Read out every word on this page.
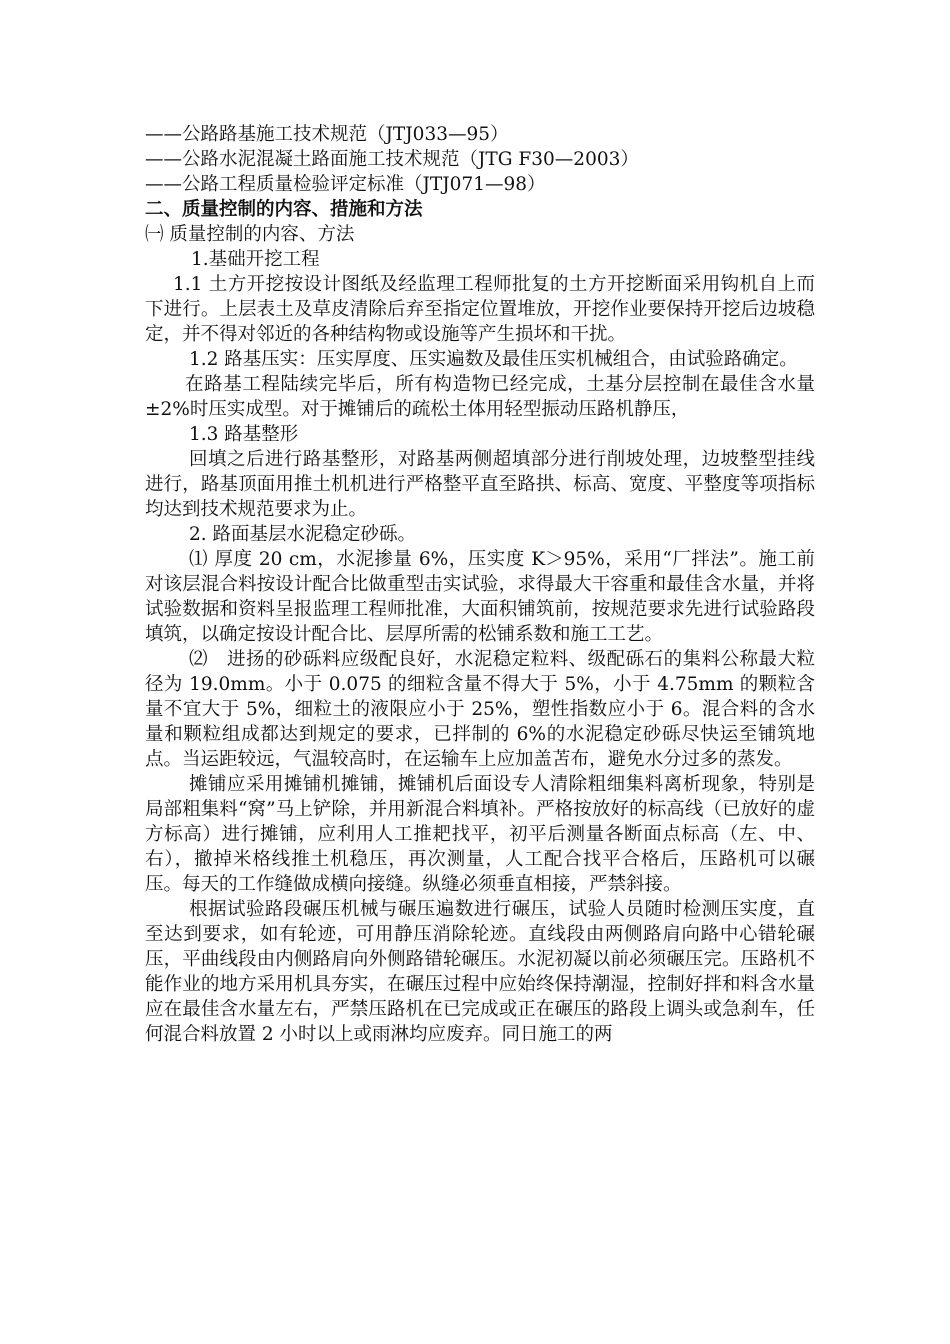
——公路路基施工技术规范（JTJ033—95）

——公路水泥混凝土路面施工技术规范（JTG F30—2003）

——公路工程质量检验评定标准（JTJ071—98）

二、质量控制的内容、措施和方法

㈠ 质量控制的内容、方法

1.基础开挖工程

1.1 土方开挖按设计图纸及经监理工程师批复的土方开挖断面采用钩机自上而下进行。上层表土及草皮清除后弃至指定位置堆放，开挖作业要保持开挖后边坡稳定，并不得对邻近的各种结构物或设施等产生损坏和干扰。

1.2 路基压实：压实厚度、压实遍数及最佳压实机械组合，由试验路确定。

在路基工程陆续完毕后，所有构造物已经完成，土基分层控制在最佳含水量±2%时压实成型。对于摊铺后的疏松土体用轻型振动压路机静压，

1.3 路基整形

回填之后进行路基整形，对路基两侧超填部分进行削坡处理，边坡整型挂线进行，路基顶面用推土机机进行严格整平直至路拱、标高、宽度、平整度等项指标均达到技术规范要求为止。

2. 路面基层水泥稳定砂砾。

⑴ 厚度 20 cm，水泥掺量 6%，压实度 K＞95%，采用“厂拌法”。施工前对该层混合料按设计配合比做重型击实试验，求得最大干容重和最佳含水量，并将试验数据和资料呈报监理工程师批准，大面积铺筑前，按规范要求先进行试验路段填筑，以确定按设计配合比、层厚所需的松铺系数和施工工艺。

⑵　进扬的砂砾料应级配良好，水泥稳定粒料、级配砾石的集料公称最大粒径为 19.0mm。小于 0.075 的细粒含量不得大于 5%，小于 4.75mm 的颗粒含量不宜大于 5%，细粒土的液限应小于 25%，塑性指数应小于 6。混合料的含水量和颗粒组成都达到规定的要求，已拌制的 6%的水泥稳定砂砾尽快运至铺筑地点。当运距较远，气温较高时，在运输车上应加盖苫布，避免水分过多的蒸发。

摊铺应采用摊铺机摊铺，摊铺机后面设专人清除粗细集料离析现象，特别是局部粗集料“窝”马上铲除，并用新混合料填补。严格按放好的标高线（已放好的虚方标高）进行摊铺，应利用人工推耙找平，初平后测量各断面点标高（左、中、右），撤掉米格线推土机稳压，再次测量，人工配合找平合格后，压路机可以碾压。每天的工作缝做成横向接缝。纵缝必须垂直相接，严禁斜接。

根据试验路段碾压机械与碾压遍数进行碾压，试验人员随时检测压实度，直至达到要求，如有轮迹，可用静压消除轮迹。直线段由两侧路肩向路中心错轮碾压，平曲线段由内侧路肩向外侧路错轮碾压。水泥初凝以前必须碾压完。压路机不能作业的地方采用机具夯实，在碾压过程中应始终保持潮湿，控制好拌和料含水量应在最佳含水量左右，严禁压路机在已完成或正在碾压的路段上调头或急刹车，任何混合料放置 2 小时以上或雨淋均应废弃。同日施工的两
